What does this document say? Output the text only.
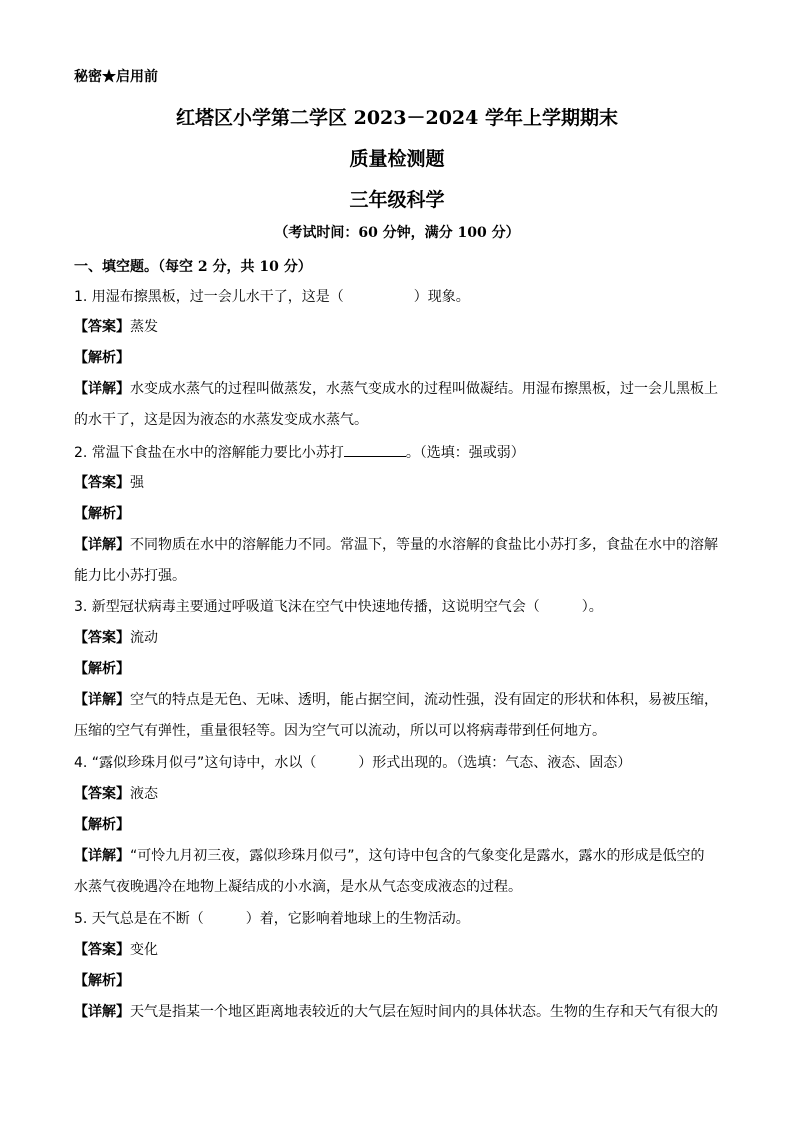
秘密★启用前
红塔区小学第二学区 2023－2024 学年上学期期末
质量检测题
三年级科学
（考试时间：60 分钟，满分 100 分）
一、填空题。（每空 2 分，共 10 分）
1. 用湿布擦黑板，过一会儿水干了，这是（　　　　　）现象。
【答案】蒸发
【解析】
【详解】水变成水蒸气的过程叫做蒸发，水蒸气变成水的过程叫做凝结。用湿布擦黑板，过一会儿黑板上
的水干了，这是因为液态的水蒸发变成水蒸气。
2. 常温下食盐在水中的溶解能力要比小苏打	。（选填：强或弱）
【答案】强
【解析】
【详解】不同物质在水中的溶解能力不同。常温下，等量的水溶解的食盐比小苏打多，食盐在水中的溶解
能力比小苏打强。
3. 新型冠状病毒主要通过呼吸道飞沫在空气中快速地传播，这说明空气会（　　　）。
【答案】流动
【解析】
【详解】空气的特点是无色、无味、透明，能占据空间，流动性强，没有固定的形状和体积，易被压缩，
压缩的空气有弹性，重量很轻等。因为空气可以流动，所以可以将病毒带到任何地方。
4. “露似珍珠月似弓”这句诗中，水以（　　　）形式出现的。（选填：气态、液态、固态）
【答案】液态
【解析】
【详解】“可怜九月初三夜，露似珍珠月似弓”，这句诗中包含的气象变化是露水，露水的形成是低空的
水蒸气夜晚遇冷在地物上凝结成的小水滴，是水从气态变成液态的过程。
5. 天气总是在不断（　　　）着，它影响着地球上的生物活动。
【答案】变化
【解析】
【详解】天气是指某一个地区距离地表较近的大气层在短时间内的具体状态。生物的生存和天气有很大的
